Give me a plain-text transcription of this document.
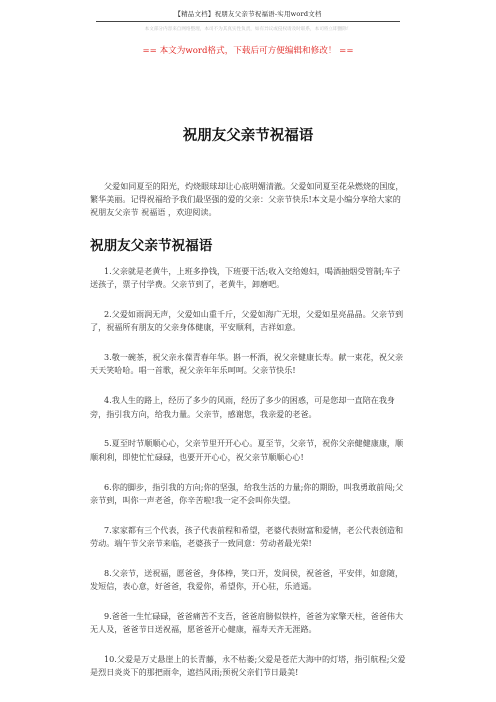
【精品文档】祝朋友父亲节祝福语-实用word文档
本文部分内容来自网络整理，本司不为其真实性负责，如有异议或侵权请及时联系，本司将立即删除！
== 本文为word格式，下载后可方便编辑和修改！ ==
祝朋友父亲节祝福语

父爱如同夏至的阳光，灼烧眼球却让心底明媚清澈。父爱如同夏至花朵燃烧的国度，繁华美丽。记得祝福给予我们最坚强的爱的父亲：父亲节快乐!本文是小编分享给大家的祝朋友父亲节 祝福语 ，欢迎阅读。

祝朋友父亲节祝福语

1.父亲就是老黄牛，上班多挣钱，下班要干活;收入交给媳妇，喝酒抽烟受管制;车子送孩子，票子付学费。父亲节到了，老黄牛，卸磨吧。

2.父爱如雨润无声，父爱如山重千斤，父爱如海广无垠，父爱如星亮晶晶。父亲节到了，祝福所有朋友的父亲身体健康，平安顺利，吉祥如意。

3.敬一碗茶，祝父亲永葆青春年华。斟一杯酒，祝父亲健康长寿。献一束花，祝父亲天天笑哈哈。唱一首歌，祝父亲年年乐呵呵。父亲节快乐!

4.我人生的路上，经历了多少的风雨，经历了多少的困惑，可是您却一直陪在我身旁，指引我方向，给我力量。父亲节，感谢您，我亲爱的老爸。

5.夏至时节顺顺心心，父亲节里开开心心。夏至节，父亲节，祝你父亲健健康康，顺顺利利，即使忙忙碌碌，也要开开心心，祝父亲节顺顺心心!

6.你的脚步，指引我的方向;你的坚强，给我生活的力量;你的期盼，叫我勇敢前闯;父亲节到，叫你一声老爸，你辛苦啦!我一定不会叫你失望。

7.家家都有三个代表，孩子代表前程和希望，老婆代表财富和爱情，老公代表创造和劳动。端午节父亲节来临，老婆孩子一致同意：劳动者最光荣!

8.父亲节，送祝福，愿爸爸，身体棒，笑口开，发间侯，祝爸爸，平安伴，如意随，发短信，表心意，好爸爸，我爱你，希望你，开心驻，乐逍遥。

9.爸爸一生忙碌碌，爸爸痛苦不支吾，爸爸肩膀似铁杵，爸爸为家擎天柱，爸爸伟大无人及，爸爸节日送祝福，愿爸爸开心健康，福寿天齐无涯路。

10.父爱是万丈悬崖上的长青藤，永不枯萎;父爱是苍茫大海中的灯塔，指引航程;父爱是烈日炎炎下的那把雨伞，遮挡风雨;预祝父亲们节日最美!
